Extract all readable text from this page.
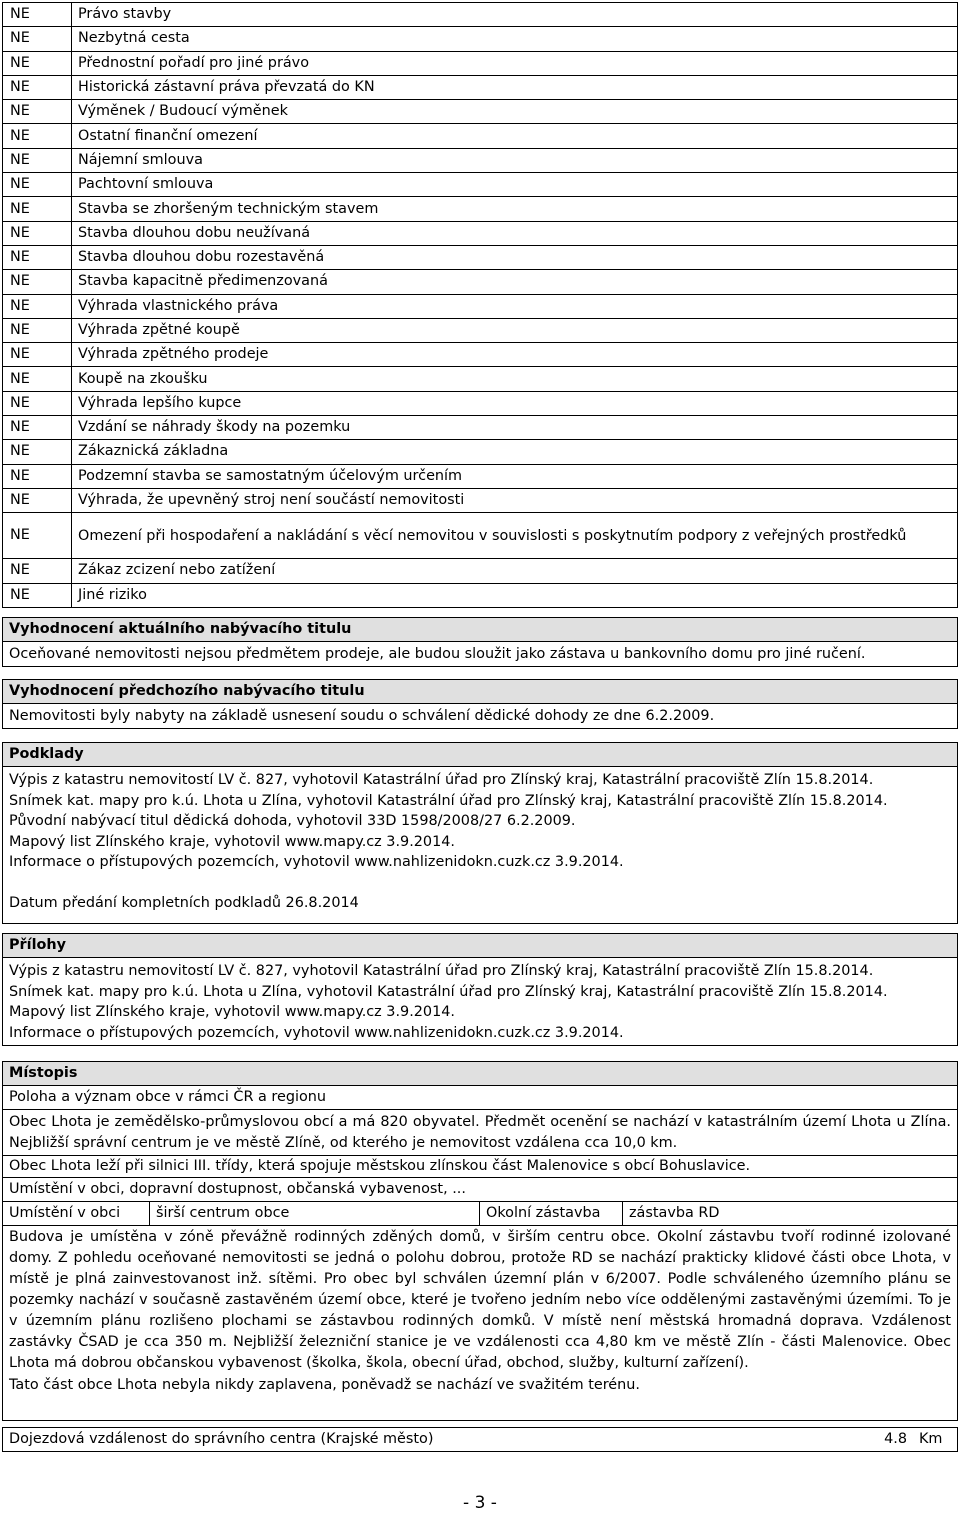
NE	Právo stavby
NE	Nezbytná cesta
NE	Přednostní pořadí pro jiné právo
NE	Historická zástavní práva převzatá do KN
NE	Výměnek / Budoucí výměnek
NE	Ostatní finanční omezení
NE	Nájemní smlouva
NE	Pachtovní smlouva
NE	Stavba se zhoršeným technickým stavem
NE	Stavba dlouhou dobu neužívaná
NE	Stavba dlouhou dobu rozestavěná
NE	Stavba kapacitně předimenzovaná
NE	Výhrada vlastnického práva
NE	Výhrada zpětné koupě
NE	Výhrada zpětného prodeje
NE	Koupě na zkoušku
NE	Výhrada lepšího kupce
NE	Vzdání se náhrady škody na pozemku
NE	Zákaznická základna
NE	Podzemní stavba se samostatným účelovým určením
NE	Výhrada, že upevněný stroj není součástí nemovitosti
NE	Omezení při hospodaření a nakládání s věcí nemovitou v souvislosti s poskytnutím podpory z veřejných prostředků
NE	Zákaz zcizení nebo zatížení
NE	Jiné riziko
Vyhodnocení aktuálního nabývacího titulu
Oceňované nemovitosti nejsou předmětem prodeje, ale budou sloužit jako zástava u bankovního domu pro jiné ručení.
Vyhodnocení předchozího nabývacího titulu
Nemovitosti byly nabyty na základě usnesení soudu o schválení dědické dohody ze dne 6.2.2009.
Podklady
Výpis z katastru nemovitostí LV č. 827, vyhotovil Katastrální úřad pro Zlínský kraj, Katastrální pracoviště Zlín 15.8.2014.
Snímek kat. mapy pro k.ú. Lhota u Zlína, vyhotovil Katastrální úřad pro Zlínský kraj, Katastrální pracoviště Zlín 15.8.2014.
Původní nabývací titul dědická dohoda, vyhotovil 33D 1598/2008/27 6.2.2009.
Mapový list Zlínského kraje, vyhotovil www.mapy.cz 3.9.2014.
Informace o přístupových pozemcích, vyhotovil www.nahlizenidokn.cuzk.cz 3.9.2014.
Datum předání kompletních podkladů 26.8.2014
Přílohy
Výpis z katastru nemovitostí LV č. 827, vyhotovil Katastrální úřad pro Zlínský kraj, Katastrální pracoviště Zlín 15.8.2014.
Snímek kat. mapy pro k.ú. Lhota u Zlína, vyhotovil Katastrální úřad pro Zlínský kraj, Katastrální pracoviště Zlín 15.8.2014.
Mapový list Zlínského kraje, vyhotovil www.mapy.cz 3.9.2014.
Informace o přístupových pozemcích, vyhotovil www.nahlizenidokn.cuzk.cz 3.9.2014.
Místopis
Poloha a význam obce v rámci ČR a regionu
Obec Lhota je zemědělsko-průmyslovou obcí a má 820 obyvatel. Předmět ocenění se nachází v katastrálním území Lhota u Zlína. Nejbližší správní centrum je ve městě Zlíně, od kterého je nemovitost vzdálena cca 10,0 km.
Obec Lhota leží při silnici III. třídy, která spojuje městskou zlínskou část Malenovice s obcí Bohuslavice.
Umístění v obci, dopravní dostupnost, občanská vybavenost, ...
Umístění v obci	širší centrum obce	Okolní zástavba	zástavba RD
Budova je umístěna v zóně převážně rodinných zděných domů, v širším centru obce. Okolní zástavbu tvoří rodinné izolované domy. Z pohledu oceňované nemovitosti se jedná o polohu dobrou, protože RD se nachází prakticky klidové části obce Lhota, v místě je plná zainvestovanost inž. sítěmi. Pro obec byl schválen územní plán v 6/2007. Podle schváleného územního plánu se pozemky nachází v současně zastavěném území obce, které je tvořeno jedním nebo více oddělenými zastavěnými územími. To je v územním plánu rozlišeno plochami se zástavbou rodinných domků. V místě není městská hromadná doprava. Vzdálenost zastávky ČSAD je cca 350 m. Nejbližší železniční stanice je ve vzdálenosti cca 4,80 km ve městě Zlín - části Malenovice. Obec Lhota má dobrou občanskou vybavenost (školka, škola, obecní úřad, obchod, služby, kulturní zařízení).
Tato část obce Lhota nebyla nikdy zaplavena, poněvadž se nachází ve svažitém terénu.
Dojezdová vzdálenost do správního centra (Krajské město)	4.8 Km
- 3 -
